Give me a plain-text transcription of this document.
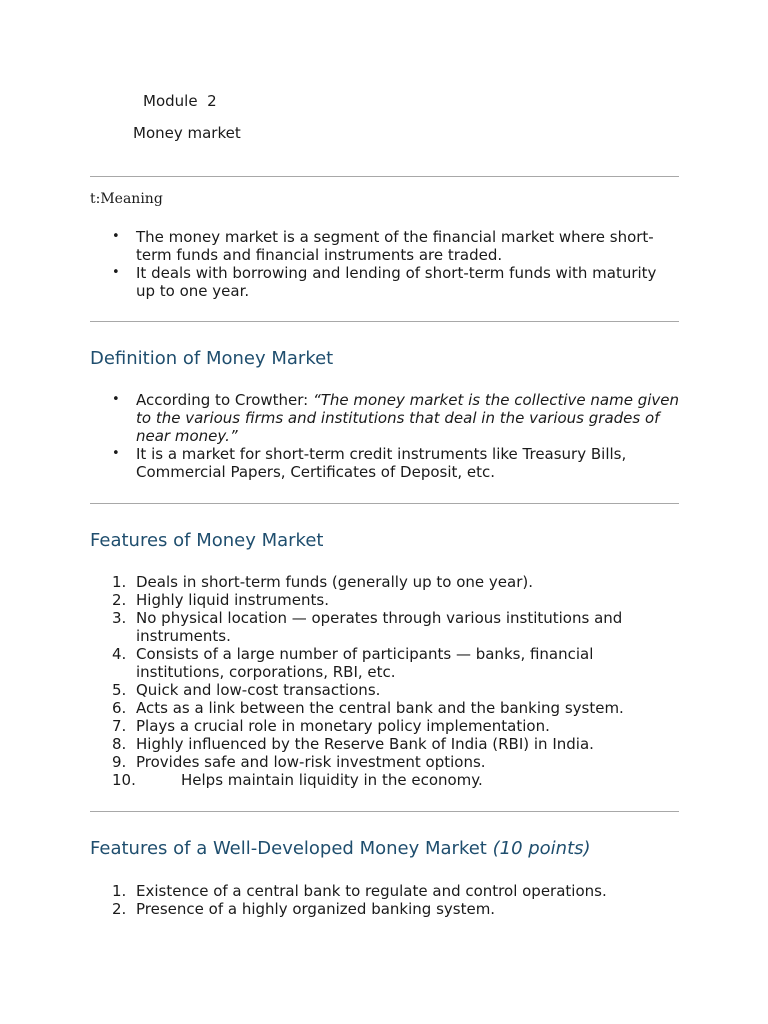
Module  2
Money market
t:Meaning
• The money market is a segment of the financial market where short-term funds and financial instruments are traded.
• It deals with borrowing and lending of short-term funds with maturity up to one year.
Definition of Money Market
• According to Crowther: “The money market is the collective name given to the various firms and institutions that deal in the various grades of near money.”
• It is a market for short-term credit instruments like Treasury Bills, Commercial Papers, Certificates of Deposit, etc.
Features of Money Market
1. Deals in short-term funds (generally up to one year).
2. Highly liquid instruments.
3. No physical location — operates through various institutions and instruments.
4. Consists of a large number of participants — banks, financial institutions, corporations, RBI, etc.
5. Quick and low-cost transactions.
6. Acts as a link between the central bank and the banking system.
7. Plays a crucial role in monetary policy implementation.
8. Highly influenced by the Reserve Bank of India (RBI) in India.
9. Provides safe and low-risk investment options.
10.	Helps maintain liquidity in the economy.
Features of a Well-Developed Money Market (10 points)
1. Existence of a central bank to regulate and control operations.
2. Presence of a highly organized banking system.
